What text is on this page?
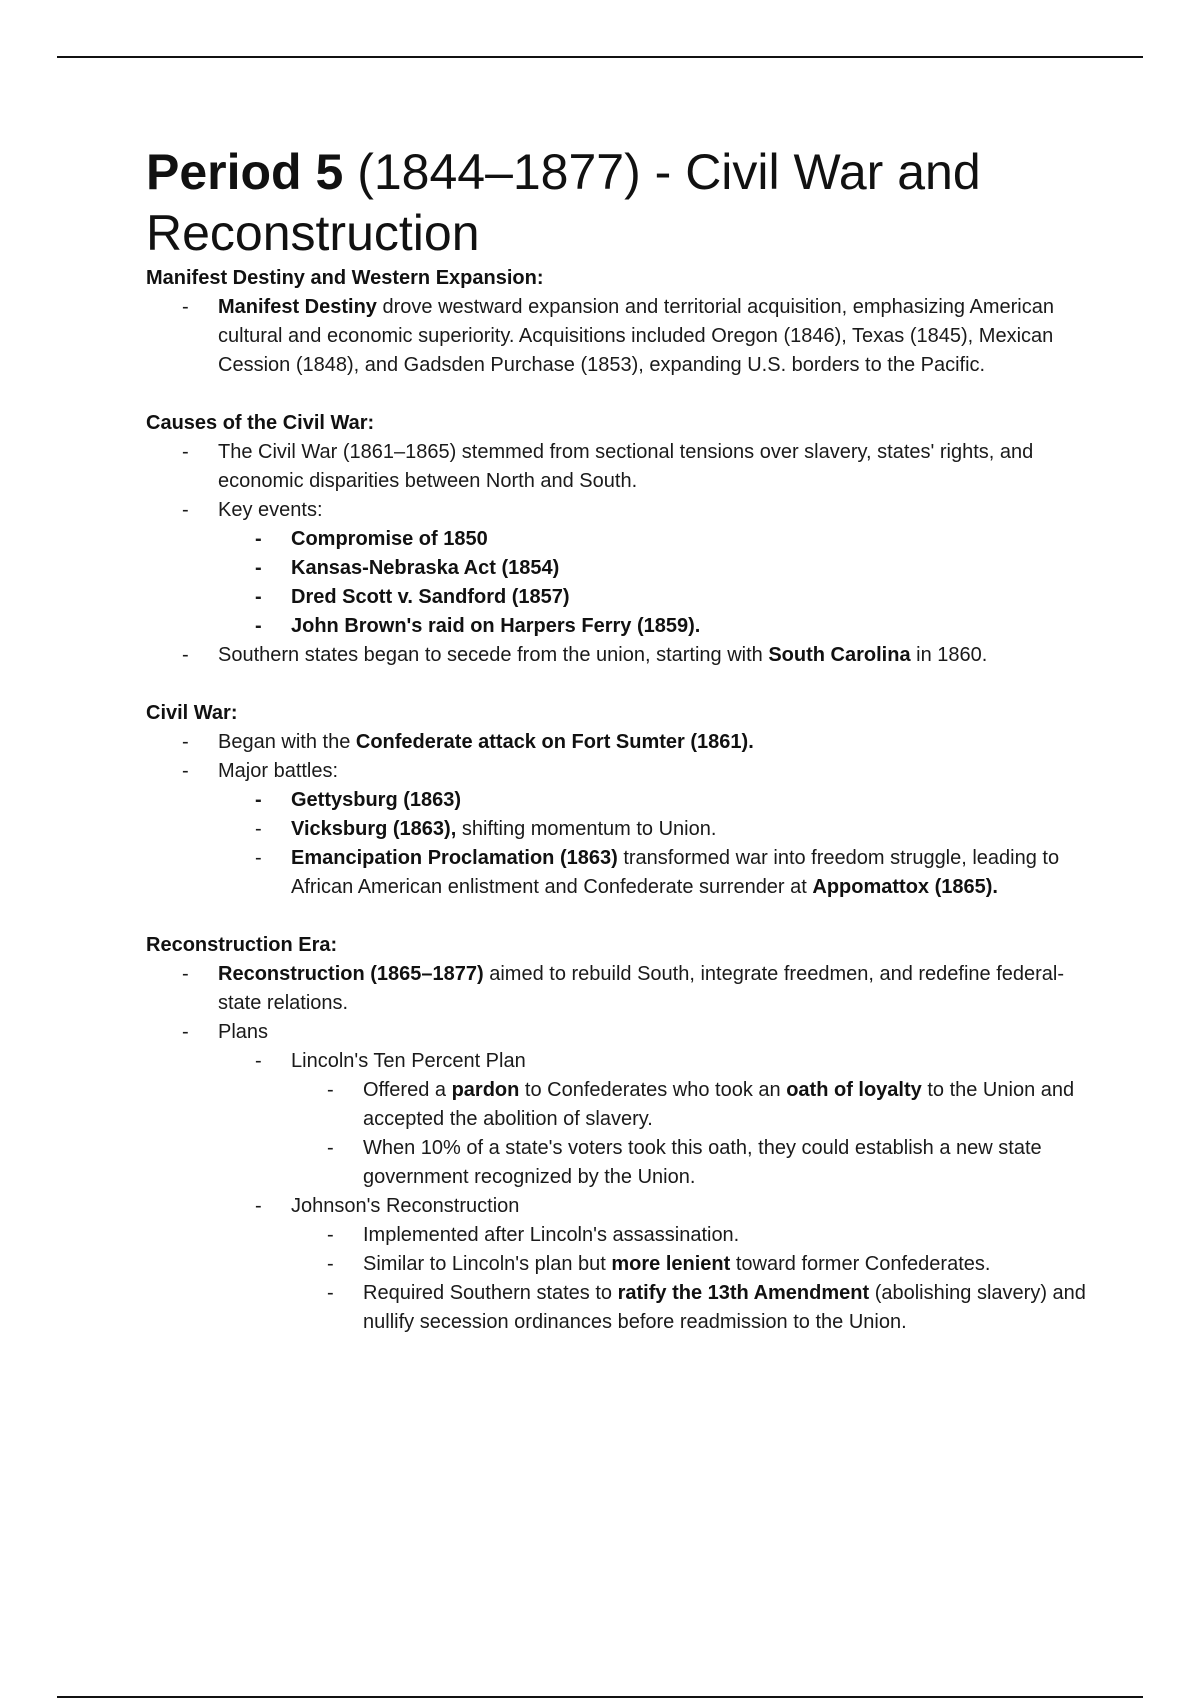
Period 5 (1844–1877) - Civil War and Reconstruction
Manifest Destiny and Western Expansion:
- Manifest Destiny drove westward expansion and territorial acquisition, emphasizing American cultural and economic superiority. Acquisitions included Oregon (1846), Texas (1845), Mexican Cession (1848), and Gadsden Purchase (1853), expanding U.S. borders to the Pacific.
Causes of the Civil War:
- The Civil War (1861–1865) stemmed from sectional tensions over slavery, states' rights, and economic disparities between North and South.
- Key events:
- Compromise of 1850
- Kansas-Nebraska Act (1854)
- Dred Scott v. Sandford (1857)
- John Brown's raid on Harpers Ferry (1859).
- Southern states began to secede from the union, starting with South Carolina in 1860.
Civil War:
- Began with the Confederate attack on Fort Sumter (1861).
- Major battles:
- Gettysburg (1863)
- Vicksburg (1863), shifting momentum to Union.
- Emancipation Proclamation (1863) transformed war into freedom struggle, leading to African American enlistment and Confederate surrender at Appomattox (1865).
Reconstruction Era:
- Reconstruction (1865–1877) aimed to rebuild South, integrate freedmen, and redefine federal-state relations.
- Plans
- Lincoln's Ten Percent Plan
- Offered a pardon to Confederates who took an oath of loyalty to the Union and accepted the abolition of slavery.
- When 10% of a state's voters took this oath, they could establish a new state government recognized by the Union.
- Johnson's Reconstruction
- Implemented after Lincoln's assassination.
- Similar to Lincoln's plan but more lenient toward former Confederates.
- Required Southern states to ratify the 13th Amendment (abolishing slavery) and nullify secession ordinances before readmission to the Union.
